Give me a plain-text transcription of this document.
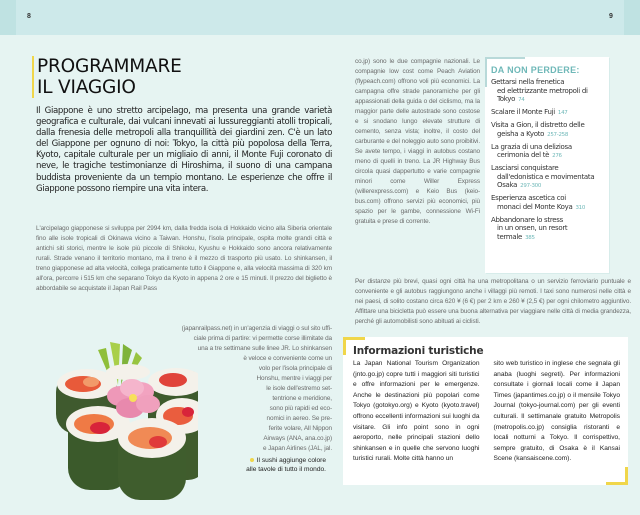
8	9
PROGRAMMARE
IL VIAGGIO

Il Giappone è uno stretto arcipelago, ma presenta una grande varietà geografica e culturale, dai vulcani innevati ai lussureggianti atolli tropicali, dalla frenesia delle metropoli alla tranquillità dei giardini zen. C'è un lato del Giappone per ognuno di noi: Tokyo, la città più popolosa della Terra, Kyoto, capitale culturale per un migliaio di anni, il Monte Fuji coronato di neve, le tragiche testimonianze di Hiroshima, il suono di una campana buddista proveniente da un tempio montano. Le esperienze che offre il Giappone possono riempire una vita intera.

L'arcipelago giapponese si sviluppa per 2994 km, dalla fredda isola di Hokkaido vicino alla Siberia orientale fino alle isole tropicali di Okinawa vicino a Taiwan. Honshu, l'isola principale, ospita molte grandi città e antichi siti storici, mentre le isole più piccole di Shikoku, Kyushu e Hokkaido sono ancora relativamente rurali. Strade venano il territorio montano, ma il treno è il mezzo di trasporto più usato. Lo shinkansen, il treno giapponese ad alta velocità, collega praticamente tutto il Giappone e, alla velocità massima di 320 km all'ora, percorre i 515 km che separano Tokyo da Kyoto in appena 2 ore e 15 minuti. Il prezzo del biglietto è abbordabile se acquistate il Japan Rail Pass

(japanrailpass.net) in un'agenzia di viaggi o sul sito uffi-
ciale prima di partire: vi permette corse illimitate da
una a tre settimane sulle linee JR. Lo shinkansen
è veloce e conveniente come un
volo per l'isola principale di
Honshu, mentre i viaggi per
le isole dell'estremo set-
tentrione e meridione,
sono più rapidi ed eco-
nomici in aereo. Se pre-
ferite volare, All Nippon
Airways (ANA, ana.co.jp)
e Japan Airlines (JAL, jal.
Il sushi aggiunge colore
alle tavole di tutto il mondo.

co.jp) sono le due compagnie nazionali. Le compagnie low cost come Peach Aviation (flypeach.com) offrono voli più economici. La campagna offre strade panoramiche per gli appassionati della guida o del ciclismo, ma la maggior parte delle autostrade sono costose e si snodano lungo elevate strutture di cemento, senza vista; inoltre, il costo del carburante e del noleggio auto sono proibitivi. Se avete tempo, i viaggi in autobus costano meno di quelli in treno. La JR Highway Bus circola quasi dappertutto e varie compagnie minori come Willer Express (willerexpress.com) e Keio Bus (keio-bus.com) offrono servizi più economici, più spazio per le gambe, connessione Wi-Fi gratuita e prese di corrente.

Per distanze più brevi, quasi ogni città ha una metropolitana o un servizio ferroviario puntuale e conveniente e gli autobus raggiungono anche i villaggi più remoti. I taxi sono numerosi nelle città e nei paesi, di solito costano circa 620 ¥ (6 €) per 2 km e 260 ¥ (2,5 €) per ogni chilometro aggiuntivo. Affittare una bicicletta può essere una buona alternativa per viaggiare nelle città di media grandezza, perché gli automobilisti sono abituati ai ciclisti.

DA NON PERDERE:
Gettarsi nella frenetica
ed elettrizzante metropoli di Tokyo 74
Scalare il Monte Fuji 147
Visita a Gion, il distretto delle
geisha a Kyoto 257-258
La grazia di una deliziosa
cerimonia del tè 276
Lasciarsi conquistare
dall'edonistica e movimentata Osaka 297-300
Esperienza ascetica coi
monaci del Monte Koya 310
Abbandonare lo stress
in un onsen, un resort termale 385
Informazioni turistiche

La Japan National Tourism Organization (jnto.go.jp) copre tutti i maggiori siti turistici e offre informazioni per le emergenze. Anche le destinazioni più popolari come Tokyo (gotokyo.org) e Kyoto (kyoto.travel) offrono eccellenti informazioni sui luoghi da visitare. Gli info point sono in ogni aeroporto, nelle principali stazioni dello shinkansen e in quelle che servono luoghi turistici rurali. Molte città hanno un

sito web turistico in inglese che segnala gli anaba (luoghi segreti). Per informazioni consultate i giornali locali come il Japan Times (japantimes.co.jp) o il mensile Tokyo Journal (tokyo-journal.com) per gli eventi culturali. Il settimanale gratuito Metropolis (metropolis.co.jp) consiglia ristoranti e locali notturni a Tokyo. Il corrispettivo, sempre gratuito, di Osaka è il Kansai Scene (kansaiscene.com).
